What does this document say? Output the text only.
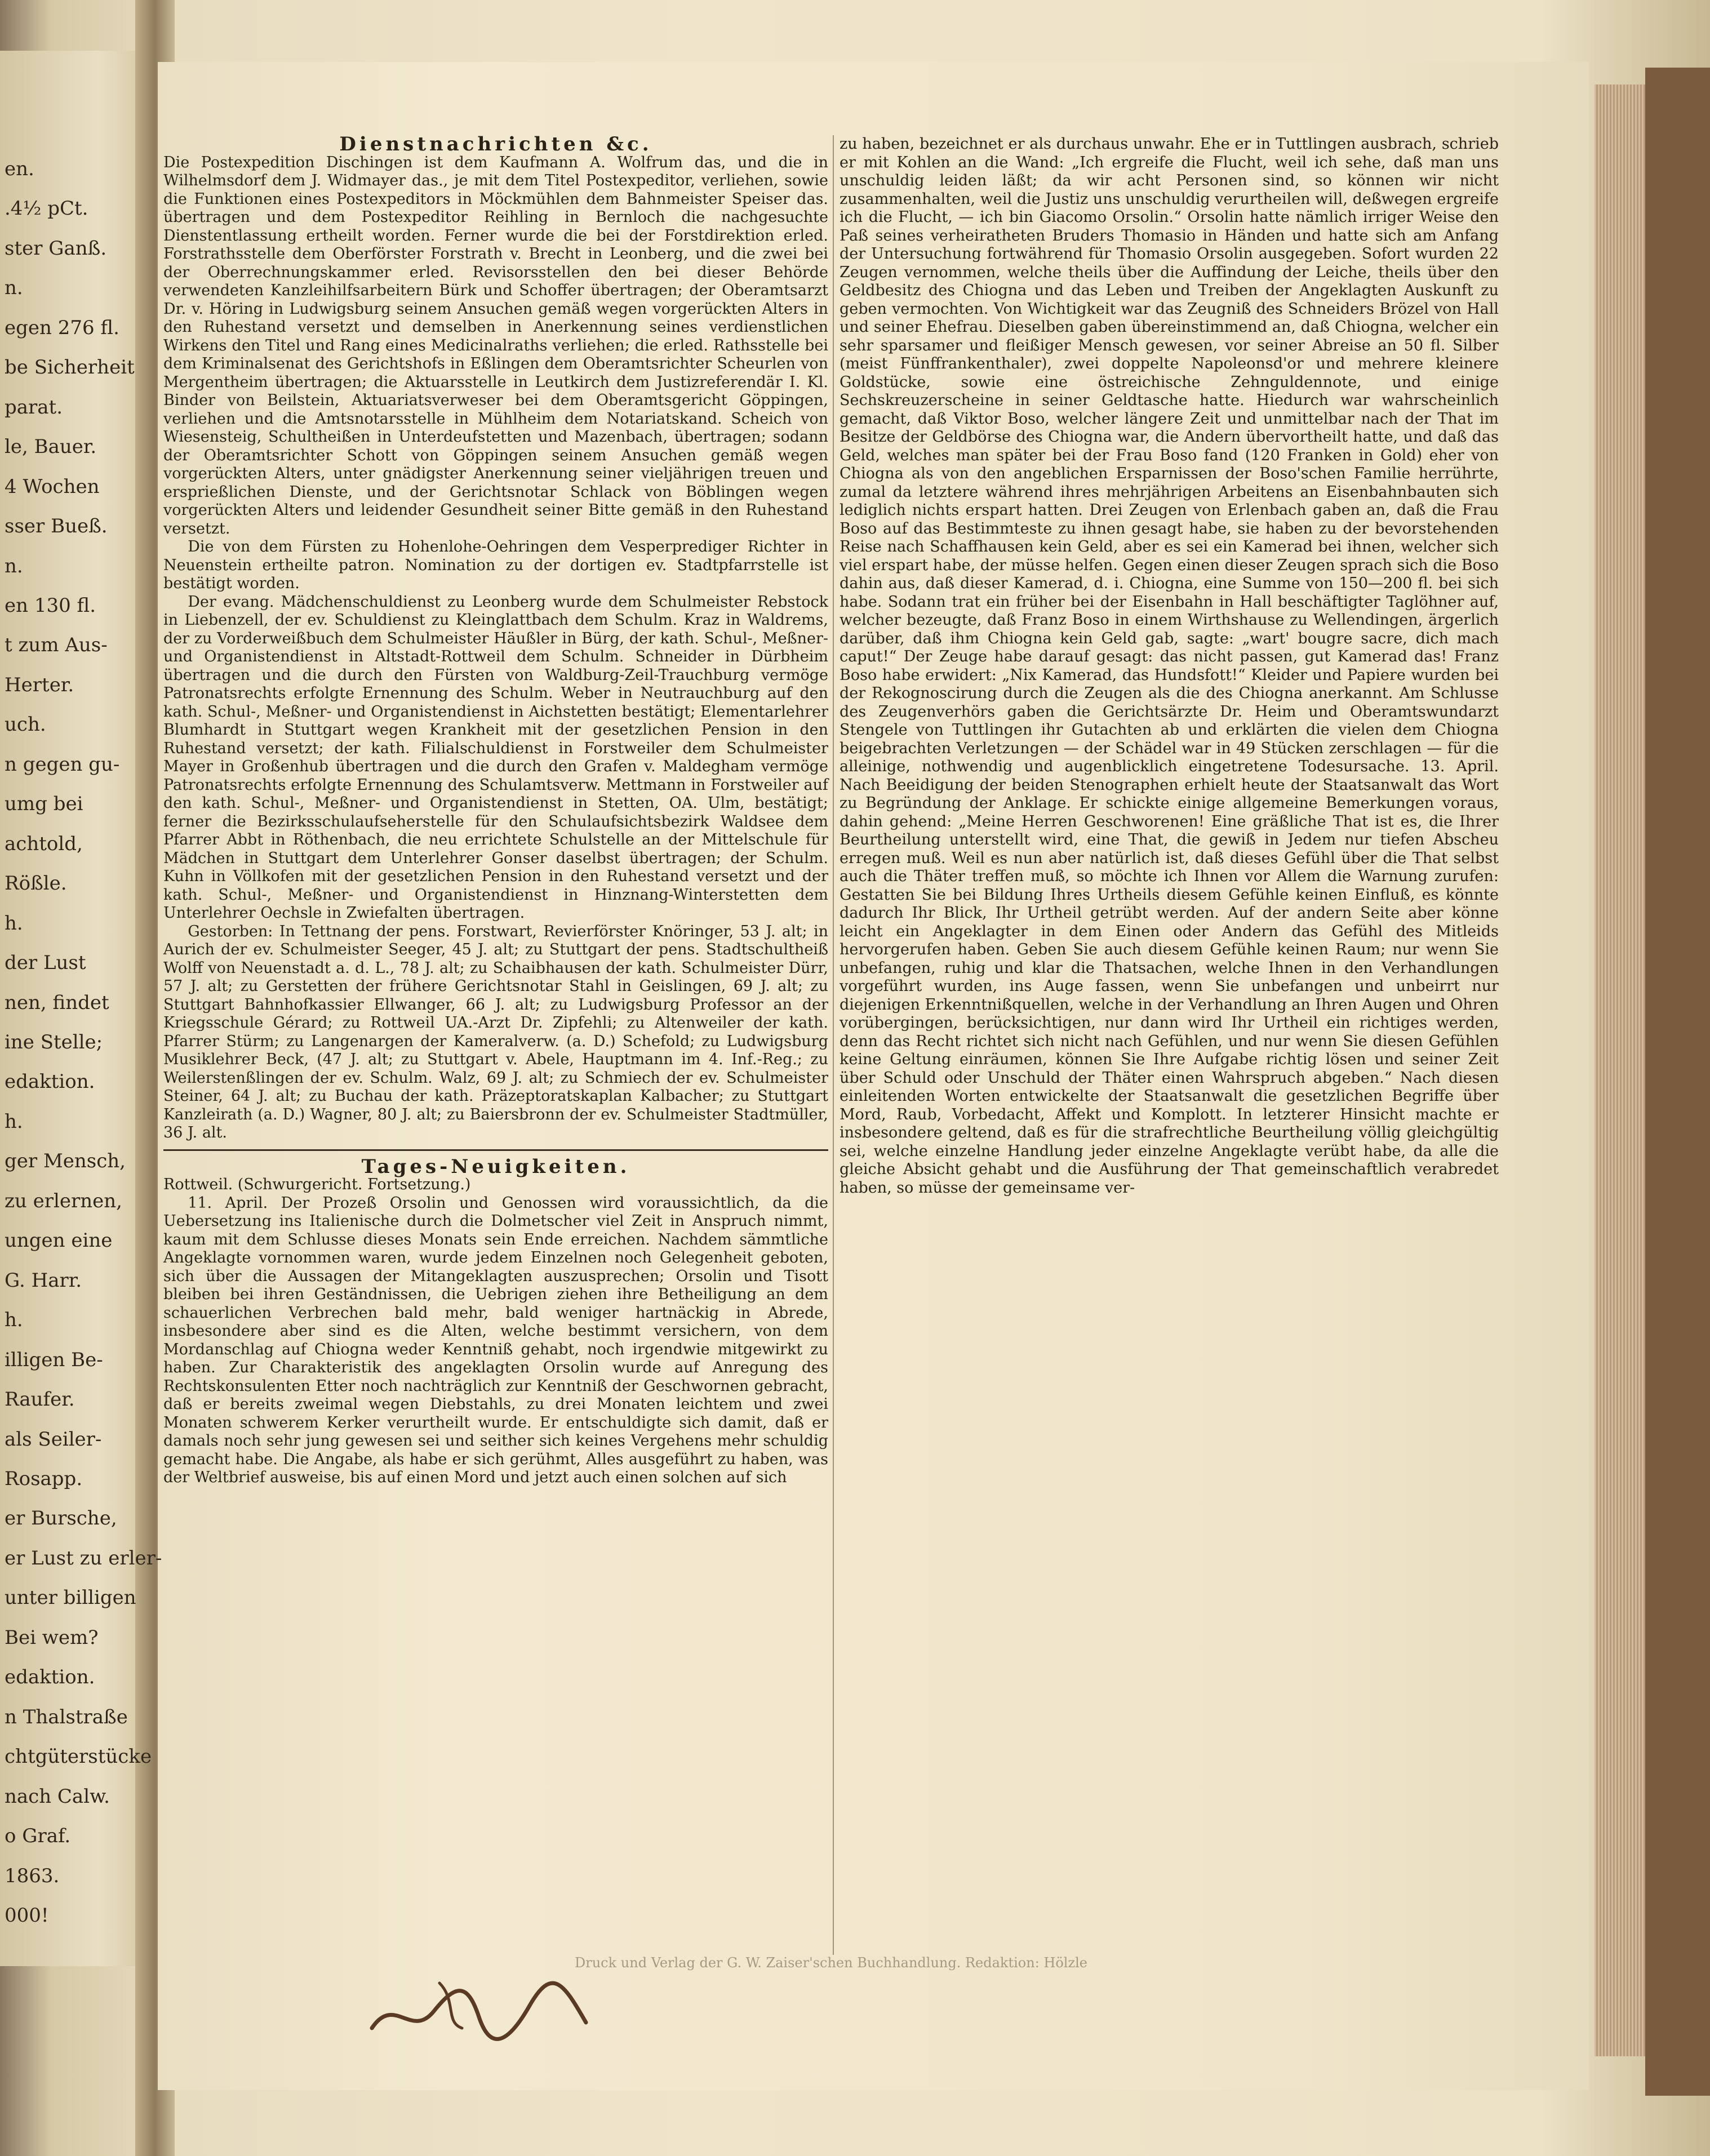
en.
.4½ pCt.
ster Ganß.
n.
egen 276 fl.
be Sicherheit
parat.
le, Bauer.
4 Wochen
sser Bueß.
n.
en 130 fl.
t zum Aus-
Herter.
uch.
n gegen gu-
umg bei
achtold,
Rößle.
h.
der Lust
nen, findet
ine Stelle;
edaktion.
h.
ger Mensch,
zu erlernen,
ungen eine
G. Harr.
h.
illigen Be-
Raufer.
als Seiler-
Rosapp.
er Bursche,
er Lust zu erler-
unter billigen
Bei wem?
edaktion.
n Thalstraße
chtgüterstücke
nach Calw.
o Graf.
1863.
000!

Dienstnachrichten &c.

Die Postexpedition Dischingen ist dem Kaufmann A. Wolfrum das, und die in Wilhelmsdorf dem J. Widmayer das., je mit dem Titel Postexpeditor, verliehen, sowie die Funktionen eines Postexpeditors in Möckmühlen dem Bahnmeister Speiser das. übertragen und dem Postexpeditor Reihling in Bernloch die nachgesuchte Dienstentlassung ertheilt worden. Ferner wurde die bei der Forstdirektion erled. Forstrathsstelle dem Oberförster Forstrath v. Brecht in Leonberg, und die zwei bei der Oberrechnungskammer erled. Revisorsstellen den bei dieser Behörde verwendeten Kanzleihilfsarbeitern Bürk und Schoffer übertragen; der Oberamtsarzt Dr. v. Höring in Ludwigsburg seinem Ansuchen gemäß wegen vorgerückten Alters in den Ruhestand versetzt und demselben in Anerkennung seines verdienstlichen Wirkens den Titel und Rang eines Medicinalraths verliehen; die erled. Rathsstelle bei dem Kriminalsenat des Gerichtshofs in Eßlingen dem Oberamtsrichter Scheurlen von Mergentheim übertragen; die Aktuarsstelle in Leutkirch dem Justizreferendär I. Kl. Binder von Beilstein, Aktuariatsverweser bei dem Oberamtsgericht Göppingen, verliehen und die Amtsnotarsstelle in Mühlheim dem Notariatskand. Scheich von Wiesensteig, Schultheißen in Unterdeufstetten und Mazenbach, übertragen; sodann der Oberamtsrichter Schott von Göppingen seinem Ansuchen gemäß wegen vorgerückten Alters, unter gnädigster Anerkennung seiner vieljährigen treuen und ersprießlichen Dienste, und der Gerichtsnotar Schlack von Böblingen wegen vorgerückten Alters und leidender Gesundheit seiner Bitte gemäß in den Ruhestand versetzt.

Die von dem Fürsten zu Hohenlohe-Oehringen dem Vesperprediger Richter in Neuenstein ertheilte patron. Nomination zu der dortigen ev. Stadtpfarrstelle ist bestätigt worden.

Der evang. Mädchenschuldienst zu Leonberg wurde dem Schulmeister Rebstock in Liebenzell, der ev. Schuldienst zu Kleinglattbach dem Schulm. Kraz in Waldrems, der zu Vorderweißbuch dem Schulmeister Häußler in Bürg, der kath. Schul-, Meßner- und Organistendienst in Altstadt-Rottweil dem Schulm. Schneider in Dürbheim übertragen und die durch den Fürsten von Waldburg-Zeil-Trauchburg vermöge Patronatsrechts erfolgte Ernennung des Schulm. Weber in Neutrauchburg auf den kath. Schul-, Meßner- und Organistendienst in Aichstetten bestätigt; Elementarlehrer Blumhardt in Stuttgart wegen Krankheit mit der gesetzlichen Pension in den Ruhestand versetzt; der kath. Filialschuldienst in Forstweiler dem Schulmeister Mayer in Großenhub übertragen und die durch den Grafen v. Maldegham vermöge Patronatsrechts erfolgte Ernennung des Schulamtsverw. Mettmann in Forstweiler auf den kath. Schul-, Meßner- und Organistendienst in Stetten, OA. Ulm, bestätigt; ferner die Bezirksschulaufseherstelle für den Schulaufsichtsbezirk Waldsee dem Pfarrer Abbt in Röthenbach, die neu errichtete Schulstelle an der Mittelschule für Mädchen in Stuttgart dem Unterlehrer Gonser daselbst übertragen; der Schulm. Kuhn in Völlkofen mit der gesetzlichen Pension in den Ruhestand versetzt und der kath. Schul-, Meßner- und Organistendienst in Hinznang-Winterstetten dem Unterlehrer Oechsle in Zwiefalten übertragen.

Gestorben: In Tettnang der pens. Forstwart, Revierförster Knöringer, 53 J. alt; in Aurich der ev. Schulmeister Seeger, 45 J. alt; zu Stuttgart der pens. Stadtschultheiß Wolff von Neuenstadt a. d. L., 78 J. alt; zu Schaibhausen der kath. Schulmeister Dürr, 57 J. alt; zu Gerstetten der frühere Gerichtsnotar Stahl in Geislingen, 69 J. alt; zu Stuttgart Bahnhofkassier Ellwanger, 66 J. alt; zu Ludwigsburg Professor an der Kriegsschule Gérard; zu Rottweil UA.-Arzt Dr. Zipfehli; zu Altenweiler der kath. Pfarrer Stürm; zu Langenargen der Kameralverw. (a. D.) Schefold; zu Ludwigsburg Musiklehrer Beck, (47 J. alt; zu Stuttgart v. Abele, Hauptmann im 4. Inf.-Reg.; zu Weilerstenßlingen der ev. Schulm. Walz, 69 J. alt; zu Schmiech der ev. Schulmeister Steiner, 64 J. alt; zu Buchau der kath. Präzeptoratskaplan Kalbacher; zu Stuttgart Kanzleirath (a. D.) Wagner, 80 J. alt; zu Baiersbronn der ev. Schulmeister Stadtmüller, 36 J. alt.

Tages-Neuigkeiten.

Rottweil. (Schwurgericht. Fortsetzung.)

11. April. Der Prozeß Orsolin und Genossen wird voraussichtlich, da die Uebersetzung ins Italienische durch die Dolmetscher viel Zeit in Anspruch nimmt, kaum mit dem Schlusse dieses Monats sein Ende erreichen. Nachdem sämmtliche Angeklagte vornommen waren, wurde jedem Einzelnen noch Gelegenheit geboten, sich über die Aussagen der Mitangeklagten auszusprechen; Orsolin und Tisott bleiben bei ihren Geständnissen, die Uebrigen ziehen ihre Betheiligung an dem schauerlichen Verbrechen bald mehr, bald weniger hartnäckig in Abrede, insbesondere aber sind es die Alten, welche bestimmt versichern, von dem Mordanschlag auf Chiogna weder Kenntniß gehabt, noch irgendwie mitgewirkt zu haben. Zur Charakteristik des angeklagten Orsolin wurde auf Anregung des Rechtskonsulenten Etter noch nachträglich zur Kenntniß der Geschwornen gebracht, daß er bereits zweimal wegen Diebstahls, zu drei Monaten leichtem und zwei Monaten schwerem Kerker verurtheilt wurde. Er entschuldigte sich damit, daß er damals noch sehr jung gewesen sei und seither sich keines Vergehens mehr schuldig gemacht habe. Die Angabe, als habe er sich gerühmt, Alles ausgeführt zu haben, was der Weltbrief ausweise, bis auf einen Mord und jetzt auch einen solchen auf sich

zu haben, bezeichnet er als durchaus unwahr. Ehe er in Tuttlingen ausbrach, schrieb er mit Kohlen an die Wand: „Ich ergreife die Flucht, weil ich sehe, daß man uns unschuldig leiden läßt; da wir acht Personen sind, so können wir nicht zusammenhalten, weil die Justiz uns unschuldig verurtheilen will, deßwegen ergreife ich die Flucht, — ich bin Giacomo Orsolin.“ Orsolin hatte nämlich irriger Weise den Paß seines verheiratheten Bruders Thomasio in Händen und hatte sich am Anfang der Untersuchung fortwährend für Thomasio Orsolin ausgegeben. Sofort wurden 22 Zeugen vernommen, welche theils über die Auffindung der Leiche, theils über den Geldbesitz des Chiogna und das Leben und Treiben der Angeklagten Auskunft zu geben vermochten. Von Wichtigkeit war das Zeugniß des Schneiders Brözel von Hall und seiner Ehefrau. Dieselben gaben übereinstimmend an, daß Chiogna, welcher ein sehr sparsamer und fleißiger Mensch gewesen, vor seiner Abreise an 50 fl. Silber (meist Fünffrankenthaler), zwei doppelte Napoleonsd'or und mehrere kleinere Goldstücke, sowie eine östreichische Zehnguldennote, und einige Sechskreuzerscheine in seiner Geldtasche hatte. Hiedurch war wahrscheinlich gemacht, daß Viktor Boso, welcher längere Zeit und unmittelbar nach der That im Besitze der Geldbörse des Chiogna war, die Andern übervortheilt hatte, und daß das Geld, welches man später bei der Frau Boso fand (120 Franken in Gold) eher von Chiogna als von den angeblichen Ersparnissen der Boso'schen Familie herrührte, zumal da letztere während ihres mehrjährigen Arbeitens an Eisenbahnbauten sich lediglich nichts erspart hatten. Drei Zeugen von Erlenbach gaben an, daß die Frau Boso auf das Bestimmteste zu ihnen gesagt habe, sie haben zu der bevorstehenden Reise nach Schaffhausen kein Geld, aber es sei ein Kamerad bei ihnen, welcher sich viel erspart habe, der müsse helfen. Gegen einen dieser Zeugen sprach sich die Boso dahin aus, daß dieser Kamerad, d. i. Chiogna, eine Summe von 150—200 fl. bei sich habe. Sodann trat ein früher bei der Eisenbahn in Hall beschäftigter Taglöhner auf, welcher bezeugte, daß Franz Boso in einem Wirthshause zu Wellendingen, ärgerlich darüber, daß ihm Chiogna kein Geld gab, sagte: „wart' bougre sacre, dich mach caput!“ Der Zeuge habe darauf gesagt: das nicht passen, gut Kamerad das! Franz Boso habe erwidert: „Nix Kamerad, das Hundsfott!“ Kleider und Papiere wurden bei der Rekognoscirung durch die Zeugen als die des Chiogna anerkannt. Am Schlusse des Zeugenverhörs gaben die Gerichtsärzte Dr. Heim und Oberamtswundarzt Stengele von Tuttlingen ihr Gutachten ab und erklärten die vielen dem Chiogna beigebrachten Verletzungen — der Schädel war in 49 Stücken zerschlagen — für die alleinige, nothwendig und augenblicklich eingetretene Todesursache. 13. April. Nach Beeidigung der beiden Stenographen erhielt heute der Staatsanwalt das Wort zu Begründung der Anklage. Er schickte einige allgemeine Bemerkungen voraus, dahin gehend: „Meine Herren Geschworenen! Eine gräßliche That ist es, die Ihrer Beurtheilung unterstellt wird, eine That, die gewiß in Jedem nur tiefen Abscheu erregen muß. Weil es nun aber natürlich ist, daß dieses Gefühl über die That selbst auch die Thäter treffen muß, so möchte ich Ihnen vor Allem die Warnung zurufen: Gestatten Sie bei Bildung Ihres Urtheils diesem Gefühle keinen Einfluß, es könnte dadurch Ihr Blick, Ihr Urtheil getrübt werden. Auf der andern Seite aber könne leicht ein Angeklagter in dem Einen oder Andern das Gefühl des Mitleids hervorgerufen haben. Geben Sie auch diesem Gefühle keinen Raum; nur wenn Sie unbefangen, ruhig und klar die Thatsachen, welche Ihnen in den Verhandlungen vorgeführt wurden, ins Auge fassen, wenn Sie unbefangen und unbeirrt nur diejenigen Erkenntnißquellen, welche in der Verhandlung an Ihren Augen und Ohren vorübergingen, berücksichtigen, nur dann wird Ihr Urtheil ein richtiges werden, denn das Recht richtet sich nicht nach Gefühlen, und nur wenn Sie diesen Gefühlen keine Geltung einräumen, können Sie Ihre Aufgabe richtig lösen und seiner Zeit über Schuld oder Unschuld der Thäter einen Wahrspruch abgeben.“ Nach diesen einleitenden Worten entwickelte der Staatsanwalt die gesetzlichen Begriffe über Mord, Raub, Vorbedacht, Affekt und Komplott. In letzterer Hinsicht machte er insbesondere geltend, daß es für die strafrechtliche Beurtheilung völlig gleichgültig sei, welche einzelne Handlung jeder einzelne Angeklagte verübt habe, da alle die gleiche Absicht gehabt und die Ausführung der That gemeinschaftlich verabredet haben, so müsse der gemeinsame ver-

Druck und Verlag der G. W. Zaiser'schen Buchhandlung. Redaktion: Hölzle
